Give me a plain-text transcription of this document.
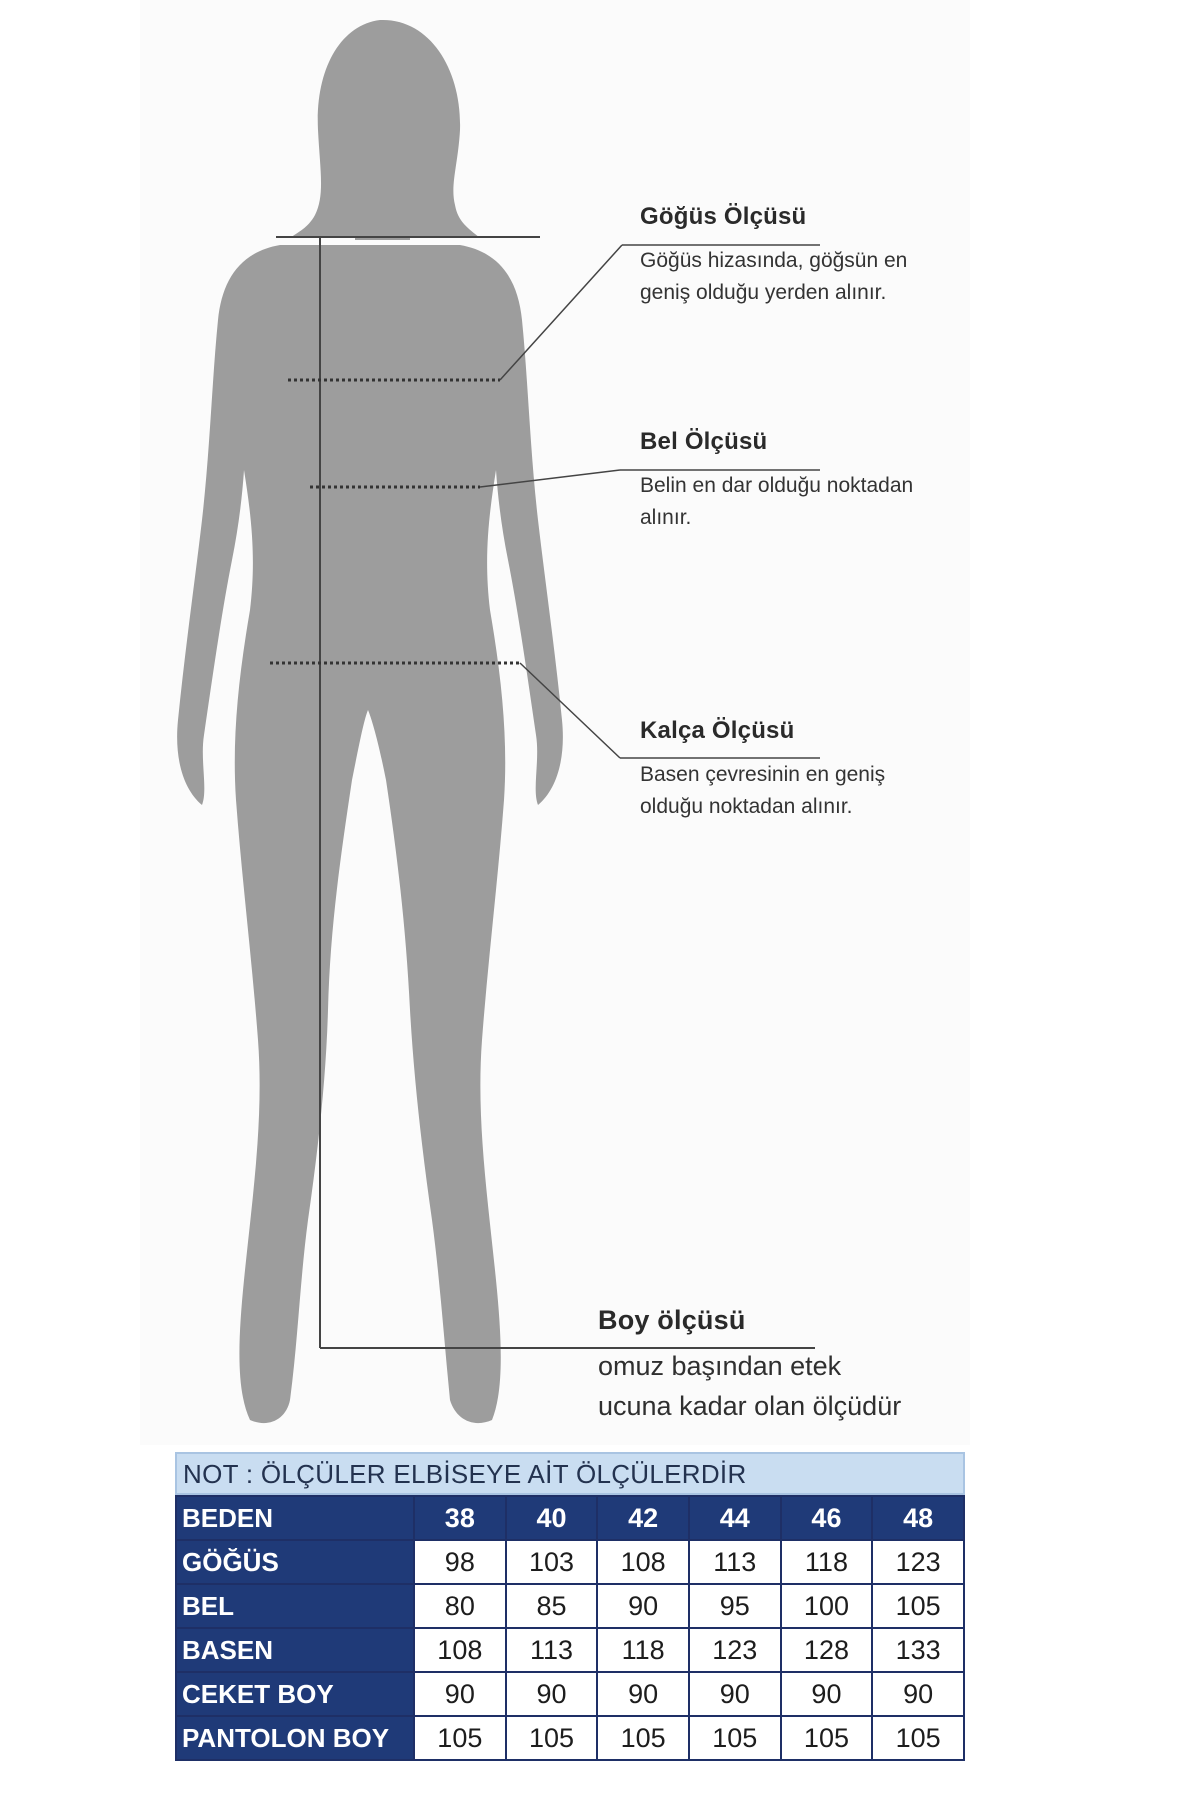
Göğüs Ölçüsü
Göğüs hizasında, göğsün en
geniş olduğu yerden alınır.
Bel Ölçüsü
Belin en dar olduğu noktadan
alınır.
Kalça Ölçüsü
Basen çevresinin en geniş
olduğu noktadan alınır.
Boy ölçüsü
omuz başından etek
ucuna kadar olan ölçüdür
NOT : ÖLÇÜLER ELBİSEYE AİT ÖLÇÜLERDİR
BEDEN	38	40	42	44	46	48
GÖĞÜS	98	103	108	113	118	123
BEL	80	85	90	95	100	105
BASEN	108	113	118	123	128	133
CEKET BOY	90	90	90	90	90	90
PANTOLON BOY	105	105	105	105	105	105
